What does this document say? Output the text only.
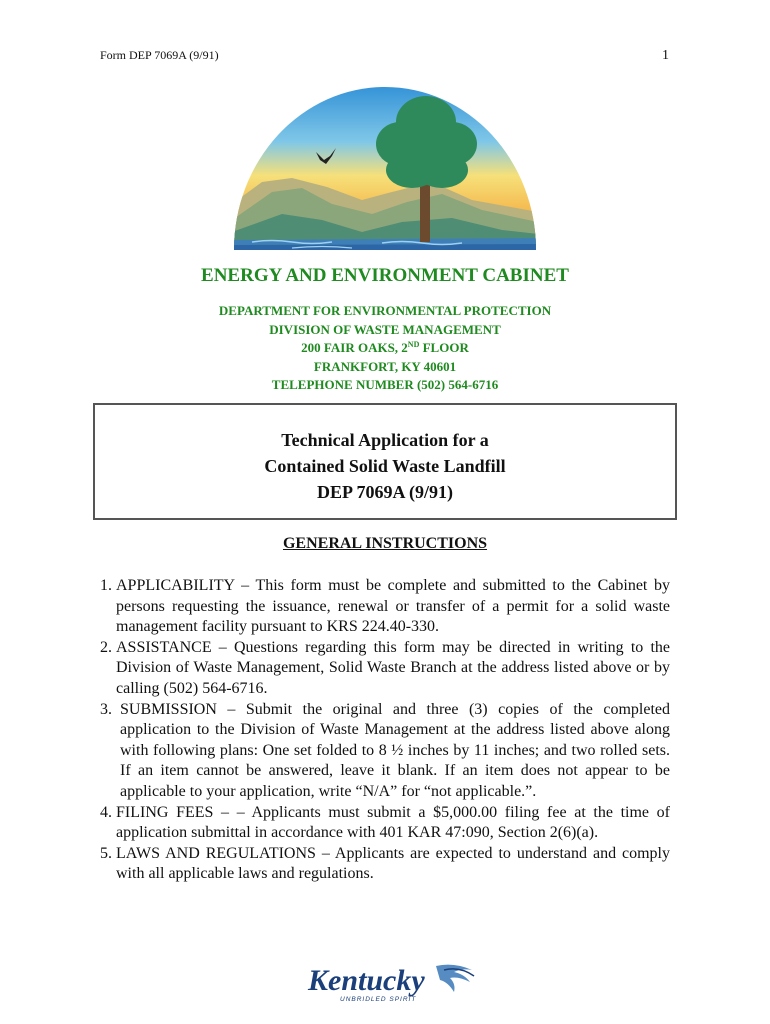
Form DEP 7069A (9/91)	1
ENERGY AND ENVIRONMENT CABINET
DEPARTMENT FOR ENVIRONMENTAL PROTECTION
DIVISION OF WASTE MANAGEMENT
200 FAIR OAKS, 2ND FLOOR
FRANKFORT, KY 40601
TELEPHONE NUMBER (502) 564-6716
Technical Application for a
Contained Solid Waste Landfill
DEP 7069A (9/91)
GENERAL INSTRUCTIONS
1. APPLICABILITY – This form must be complete and submitted to the Cabinet by persons requesting the issuance, renewal or transfer of a permit for a solid waste management facility pursuant to KRS 224.40-330.
2. ASSISTANCE – Questions regarding this form may be directed in writing to the Division of Waste Management, Solid Waste Branch at the address listed above or by calling (502) 564-6716.
3. SUBMISSION – Submit the original and three (3) copies of the completed application to the Division of Waste Management at the address listed above along with following plans: One set folded to 8 ½ inches by 11 inches; and two rolled sets. If an item cannot be answered, leave it blank. If an item does not appear to be applicable to your application, write “N/A” for “not applicable.”.
4. FILING FEES – – Applicants must submit a $5,000.00 filing fee at the time of application submittal in accordance with 401 KAR 47:090, Section 2(6)(a).
5. LAWS AND REGULATIONS – Applicants are expected to understand and comply with all applicable laws and regulations.
Kentucky
UNBRIDLED SPIRIT
